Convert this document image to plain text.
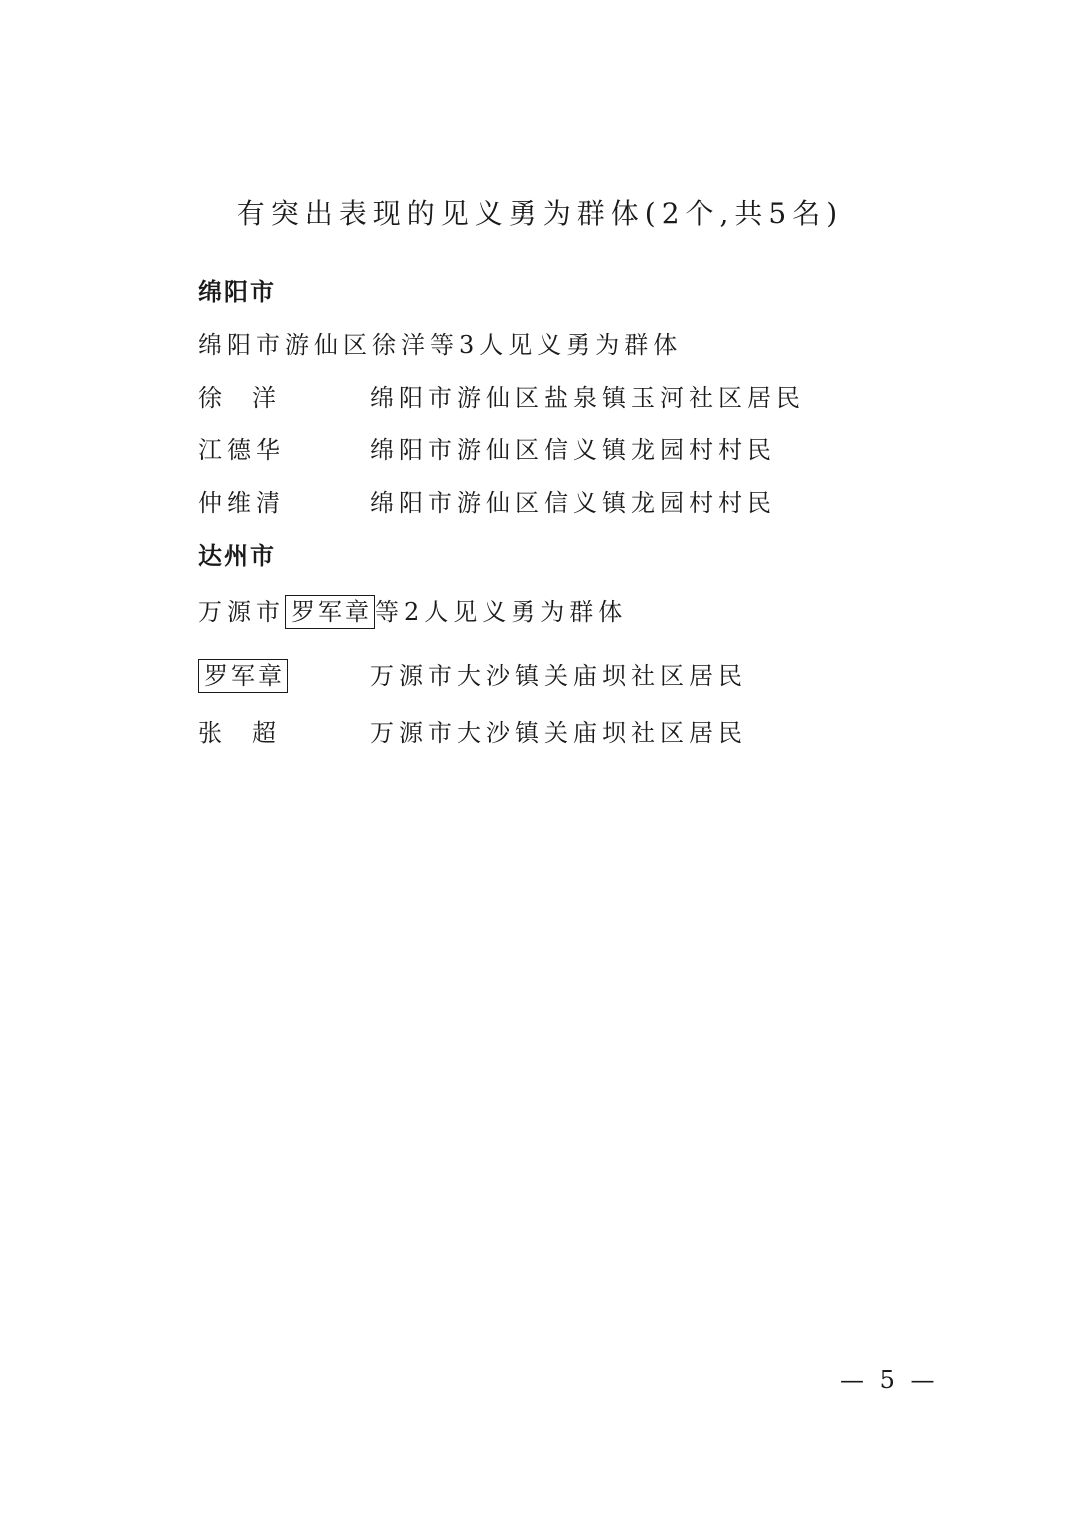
有突出表现的见义勇为群体(2个,共5名)
绵阳市
绵阳市游仙区徐洋等3人见义勇为群体
徐洋	绵阳市游仙区盐泉镇玉河社区居民
江德华	绵阳市游仙区信义镇龙园村村民
仲维清	绵阳市游仙区信义镇龙园村村民
达州市
万源市 罗军章 等2人见义勇为群体
罗军章	万源市大沙镇关庙坝社区居民
张超	万源市大沙镇关庙坝社区居民
— 5 —
